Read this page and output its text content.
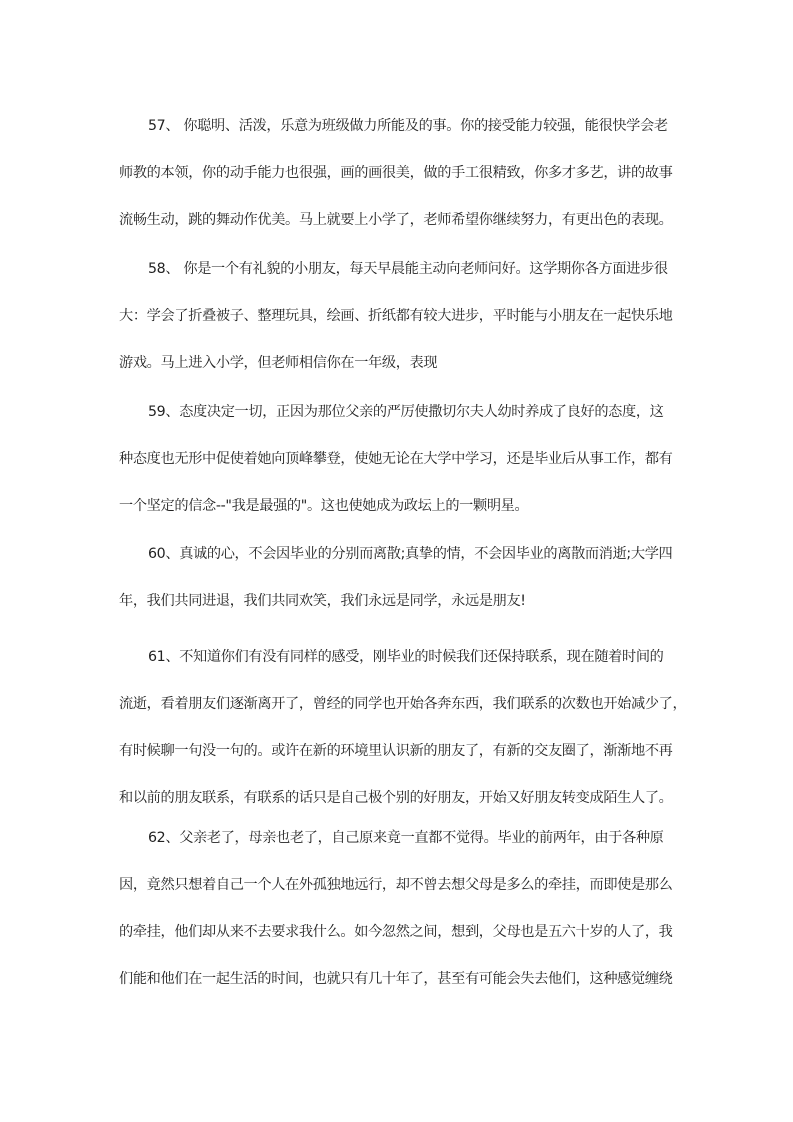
57、 你聪明、活泼，乐意为班级做力所能及的事。你的接受能力较强，能很快学会老
师教的本领，你的动手能力也很强，画的画很美，做的手工很精致，你多才多艺，讲的故事
流畅生动，跳的舞动作优美。马上就要上小学了，老师希望你继续努力，有更出色的表现。
58、 你是一个有礼貌的小朋友，每天早晨能主动向老师问好。这学期你各方面进步很
大：学会了折叠被子、整理玩具，绘画、折纸都有较大进步，平时能与小朋友在一起快乐地
游戏。马上进入小学，但老师相信你在一年级，表现
59、态度决定一切，正因为那位父亲的严厉使撒切尔夫人幼时养成了良好的态度，这
种态度也无形中促使着她向顶峰攀登，使她无论在大学中学习，还是毕业后从事工作，都有
一个坚定的信念--"我是最强的"。这也使她成为政坛上的一颗明星。
60、真诚的心，不会因毕业的分别而离散;真挚的情，不会因毕业的离散而消逝;大学四
年，我们共同进退，我们共同欢笑，我们永远是同学，永远是朋友!
61、不知道你们有没有同样的感受，刚毕业的时候我们还保持联系，现在随着时间的
流逝，看着朋友们逐渐离开了，曾经的同学也开始各奔东西，我们联系的次数也开始减少了，
有时候聊一句没一句的。或许在新的环境里认识新的朋友了，有新的交友圈了，渐渐地不再
和以前的朋友联系，有联系的话只是自己极个别的好朋友，开始又好朋友转变成陌生人了。
62、父亲老了，母亲也老了，自己原来竟一直都不觉得。毕业的前两年，由于各种原
因，竟然只想着自己一个人在外孤独地远行，却不曾去想父母是多么的牵挂，而即使是那么
的牵挂，他们却从来不去要求我什么。如今忽然之间，想到，父母也是五六十岁的人了，我
们能和他们在一起生活的时间，也就只有几十年了，甚至有可能会失去他们，这种感觉缠绕
